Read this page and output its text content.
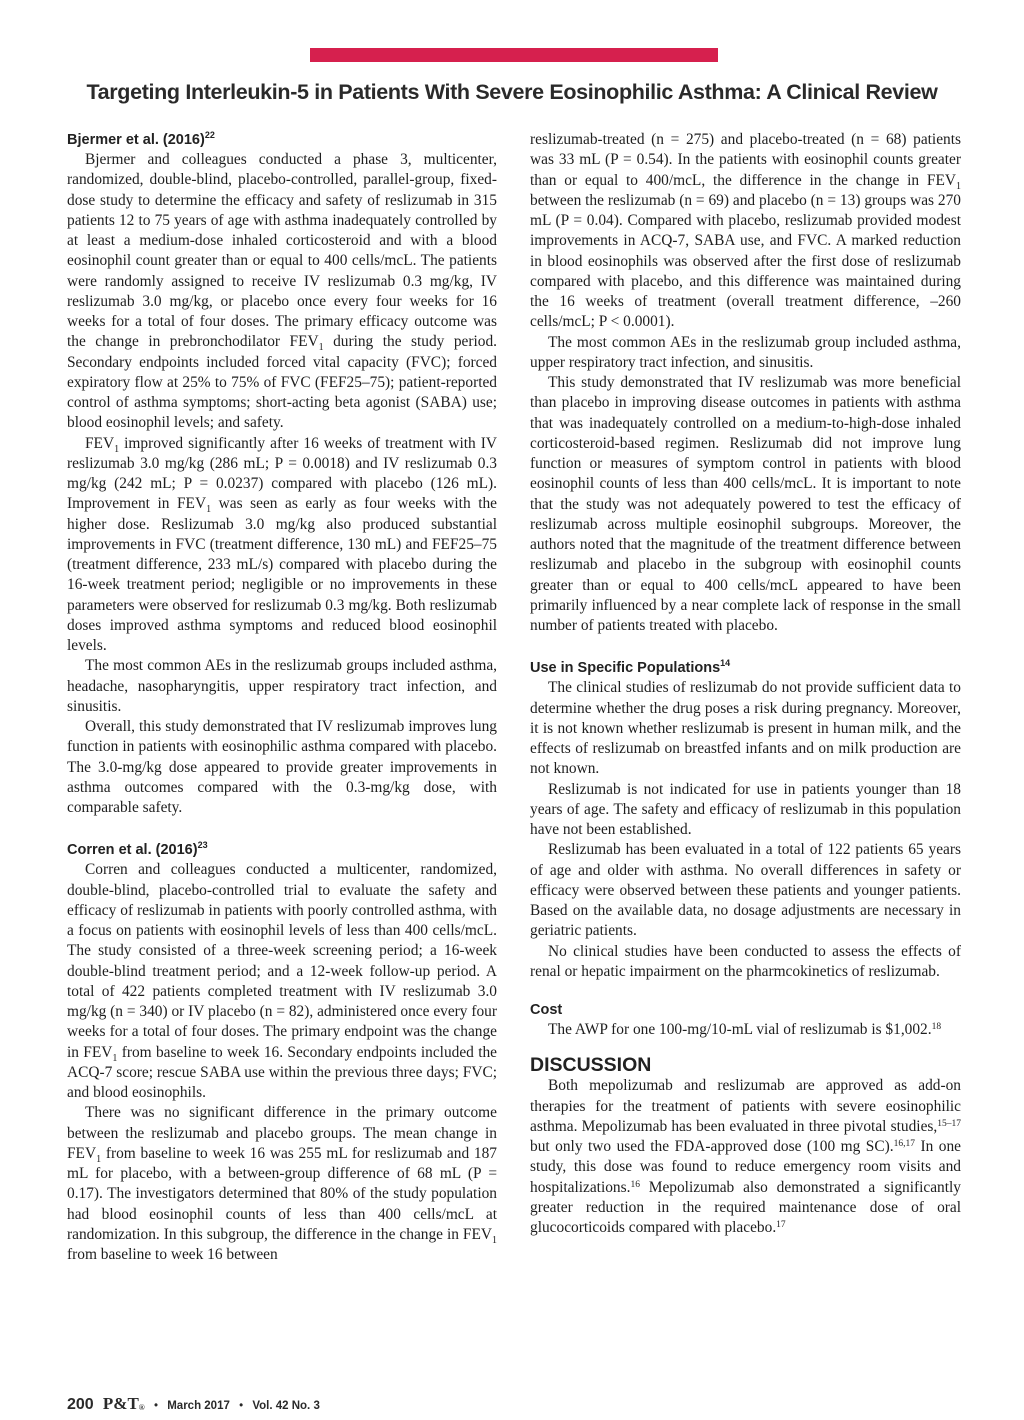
Targeting Interleukin-5 in Patients With Severe Eosinophilic Asthma: A Clinical Review
Bjermer et al. $(2016)^{22}$

Bjermer and colleagues conducted a phase 3, multicenter, randomized, double-blind, placebo-controlled, parallel-group, fixed-dose study to determine the efficacy and safety of reslizumab in 315 patients 12 to 75 years of age with asthma inadequately controlled by at least a medium-dose inhaled corticosteroid and with a blood eosinophil count greater than or equal to 400 cells/mcL. The patients were randomly assigned to receive IV reslizumab 0.3 mg/kg, IV reslizumab 3.0 mg/kg, or placebo once every four weeks for 16 weeks for a total of four doses. The primary efficacy outcome was the change in prebronchodilator $FEV_1$ during the study period. Secondary endpoints included forced vital capacity (FVC); forced expiratory flow at 25% to 75% of FVC (FEF25–75); patient-reported control of asthma symptoms; short-acting beta agonist (SABA) use; blood eosinophil levels; and safety.

$FEV_1$ improved significantly after 16 weeks of treatment with IV reslizumab 3.0 mg/kg (286 mL; P = 0.0018) and IV reslizumab 0.3 mg/kg (242 mL; P = 0.0237) compared with placebo (126 mL). Improvement in $FEV_1$ was seen as early as four weeks with the higher dose. Reslizumab 3.0 mg/kg also produced substantial improvements in FVC (treatment difference, 130 mL) and FEF25–75 (treatment difference, 233 mL/s) compared with placebo during the 16-week treatment period; negligible or no improvements in these parameters were observed for reslizumab 0.3 mg/kg. Both reslizumab doses improved asthma symptoms and reduced blood eosinophil levels.

The most common AEs in the reslizumab groups included asthma, headache, nasopharyngitis, upper respiratory tract infection, and sinusitis.

Overall, this study demonstrated that IV reslizumab improves lung function in patients with eosinophilic asthma compared with placebo. The 3.0-mg/kg dose appeared to provide greater improvements in asthma outcomes compared with the 0.3-mg/kg dose, with comparable safety.

Corren et al. $(2016)^{23}$

Corren and colleagues conducted a multicenter, randomized, double-blind, placebo-controlled trial to evaluate the safety and efficacy of reslizumab in patients with poorly controlled asthma, with a focus on patients with eosinophil levels of less than 400 cells/mcL. The study consisted of a three-week screening period; a 16-week double-blind treatment period; and a 12-week follow-up period. A total of 422 patients completed treatment with IV reslizumab 3.0 mg/kg (n = 340) or IV placebo (n = 82), administered once every four weeks for a total of four doses. The primary endpoint was the change in $FEV_1$ from baseline to week 16. Secondary endpoints included the ACQ-7 score; rescue SABA use within the previous three days; FVC; and blood eosinophils.

There was no significant difference in the primary outcome between the reslizumab and placebo groups. The mean change in $FEV_1$ from baseline to week 16 was 255 mL for reslizumab and 187 mL for placebo, with a between-group difference of 68 mL (P = 0.17). The investigators determined that 80% of the study population had blood eosinophil counts of less than 400 cells/mcL at randomization. In this subgroup, the difference in the change in $FEV_1$ from baseline to week 16 between

reslizumab-treated (n = 275) and placebo-treated (n = 68) patients was 33 mL (P = 0.54). In the patients with eosinophil counts greater than or equal to 400/mcL, the difference in the change in $FEV_1$ between the reslizumab (n = 69) and placebo (n = 13) groups was 270 mL (P = 0.04). Compared with placebo, reslizumab provided modest improvements in ACQ-7, SABA use, and FVC. A marked reduction in blood eosinophils was observed after the first dose of reslizumab compared with placebo, and this difference was maintained during the 16 weeks of treatment (overall treatment difference, –260 cells/mcL; P < 0.0001).

The most common AEs in the reslizumab group included asthma, upper respiratory tract infection, and sinusitis.

This study demonstrated that IV reslizumab was more beneficial than placebo in improving disease outcomes in patients with asthma that was inadequately controlled on a medium-to-high-dose inhaled corticosteroid-based regimen. Reslizumab did not improve lung function or measures of symptom control in patients with blood eosinophil counts of less than 400 cells/mcL. It is important to note that the study was not adequately powered to test the efficacy of reslizumab across multiple eosinophil subgroups. Moreover, the authors noted that the magnitude of the treatment difference between reslizumab and placebo in the subgroup with eosinophil counts greater than or equal to 400 cells/mcL appeared to have been primarily influenced by a near complete lack of response in the small number of patients treated with placebo.

Use in Specific Populations$^{14}$

The clinical studies of reslizumab do not provide sufficient data to determine whether the drug poses a risk during pregnancy. Moreover, it is not known whether reslizumab is present in human milk, and the effects of reslizumab on breastfed infants and on milk production are not known.

Reslizumab is not indicated for use in patients younger than 18 years of age. The safety and efficacy of reslizumab in this population have not been established.

Reslizumab has been evaluated in a total of 122 patients 65 years of age and older with asthma. No overall differences in safety or efficacy were observed between these patients and younger patients. Based on the available data, no dosage adjustments are necessary in geriatric patients.

No clinical studies have been conducted to assess the effects of renal or hepatic impairment on the pharmcokinetics of reslizumab.

Cost

The AWP for one 100-mg/10-mL vial of reslizumab is $1,002.18

DISCUSSION

Both mepolizumab and reslizumab are approved as add-on therapies for the treatment of patients with severe eosinophilic asthma. Mepolizumab has been evaluated in three pivotal studies,$^{15-17}$ but only two used the FDA-approved dose (100 mg SC).$^{16,17}$ In one study, this dose was found to reduce emergency room visits and hospitalizations.$^{16}$ Mepolizumab also demonstrated a significantly greater reduction in the required maintenance dose of oral glucocorticoids compared with placebo.$^{17}$

200 P&T® • March 2017 • Vol. 42 No. 3
